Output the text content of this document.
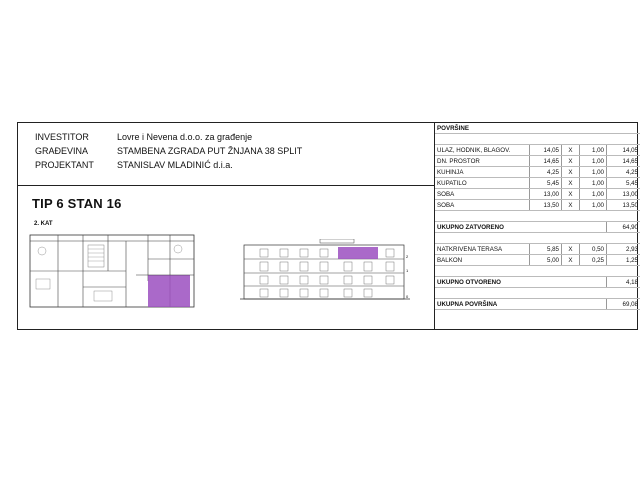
INVESTITOR	Lovre i Nevena d.o.o. za građenje
GRAĐEVINA	STAMBENA ZGRADA PUT ŽNJANA 38 SPLIT
PROJEKTANT	STANISLAV MLADINIĆ d.i.a.
TIP 6 STAN 16
2. KAT
2
1
0
POVRŠINE				

ULAZ, HODNIK, BLAGOV.	14,05	X	1,00	14,05
DN. PROSTOR	14,65	X	1,00	14,65
KUHINJA	4,25	X	1,00	4,25
KUPATILO	5,45	X	1,00	5,45
SOBA	13,00	X	1,00	13,00
SOBA	13,50	X	1,00	13,50

UKUPNO ZATVORENO				64,90

NATKRIVENA TERASA	5,85	X	0,50	2,93
BALKON	5,00	X	0,25	1,25

UKUPNO OTVORENO				4,18

UKUPNA POVRŠINA				69,08
